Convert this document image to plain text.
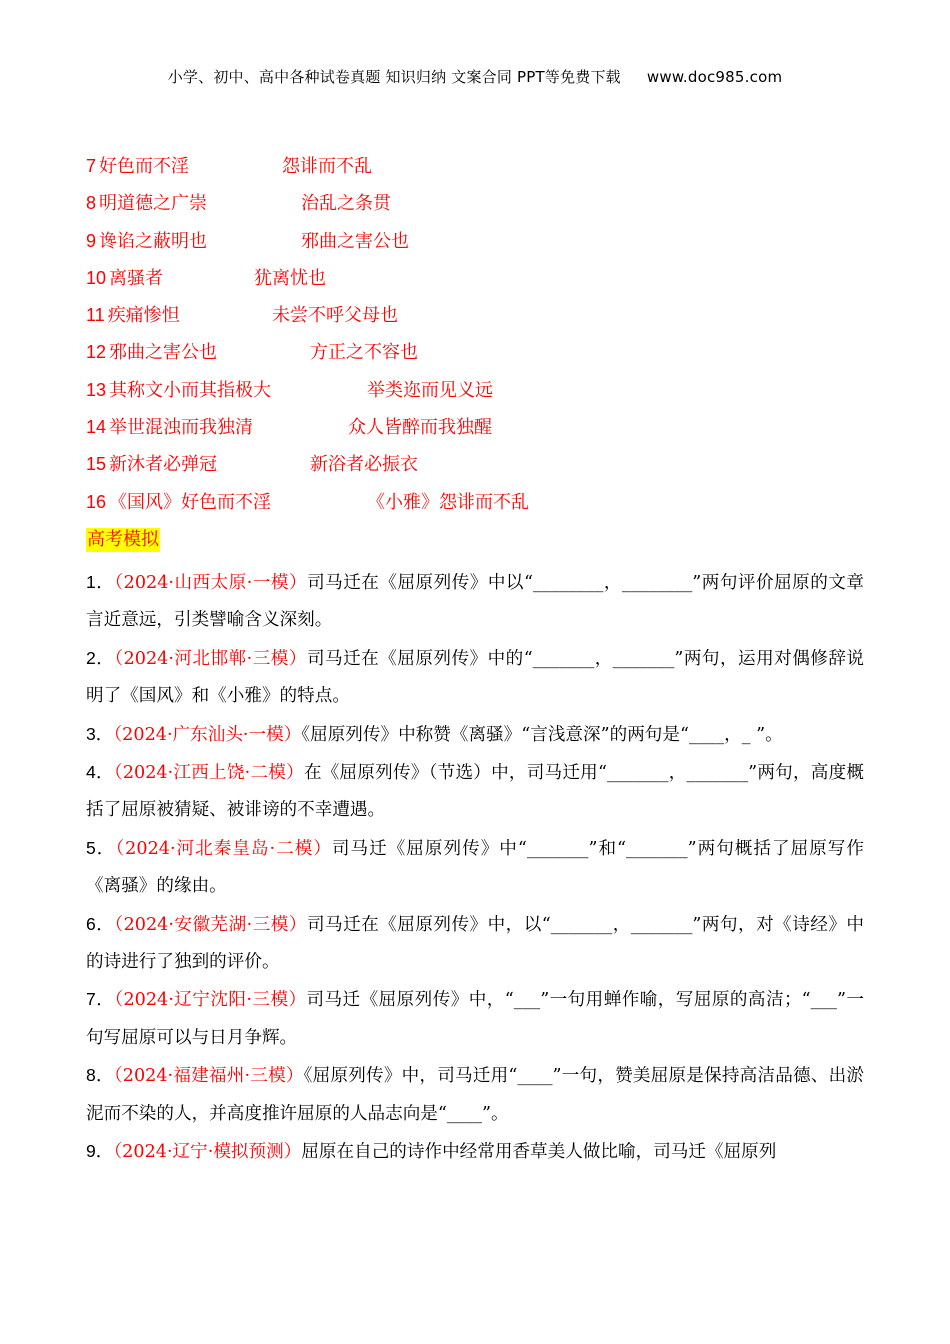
小学、初中、高中各种试卷真题 知识归纳 文案合同 PPT等免费下载 www.doc985.com
7 好色而不淫	怨诽而不乱
8 明道德之广崇	治乱之条贯
9 谗谄之蔽明也	邪曲之害公也
10 离骚者	犹离忧也
11 疾痛惨怛	未尝不呼父母也
12 邪曲之害公也	方正之不容也
13 其称文小而其指极大	举类迩而见义远
14 举世混浊而我独清	众人皆醉而我独醒
15 新沐者必弹冠	新浴者必振衣
16 《国风》好色而不淫	《小雅》怨诽而不乱
高考模拟
1．（2024·山西太原·一模）司马迁在《屈原列传》中以“________，________”两句评价屈原的文章言近意远，引类譬喻含义深刻。
2．（2024·河北邯郸·三模）司马迁在《屈原列传》中的“_______，_______”两句，运用对偶修辞说明了《国风》和《小雅》的特点。
3．（2024·广东汕头·一模）《屈原列传》中称赞《离骚》“言浅意深”的两句是“____，_ ”。
4．（2024·江西上饶·二模）在《屈原列传》（节选）中，司马迁用“_______，_______”两句，高度概括了屈原被猜疑、被诽谤的不幸遭遇。
5．（2024·河北秦皇岛·二模）司马迁《屈原列传》中“_______”和“_______”两句概括了屈原写作《离骚》的缘由。
6．（2024·安徽芜湖·三模）司马迁在《屈原列传》中，以“_______，_______”两句，对《诗经》中的诗进行了独到的评价。
7．（2024·辽宁沈阳·三模）司马迁《屈原列传》中，“___”一句用蝉作喻，写屈原的高洁；“___”一句写屈原可以与日月争辉。
8．（2024·福建福州·三模）《屈原列传》中，司马迁用“____”一句，赞美屈原是保持高洁品德、出淤泥而不染的人，并高度推许屈原的人品志向是“____”。
9．（2024·辽宁·模拟预测）屈原在自己的诗作中经常用香草美人做比喻，司马迁《屈原列
